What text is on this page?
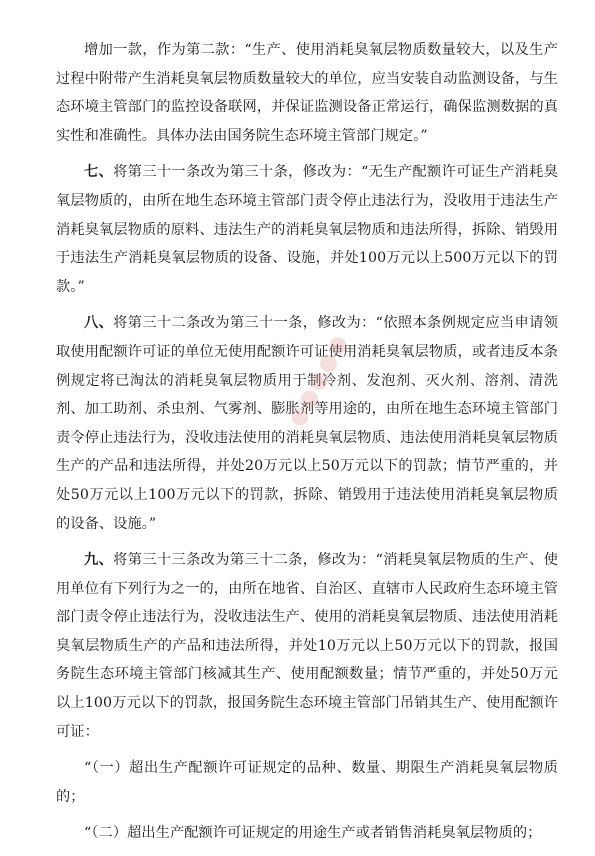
增加一款，作为第二款：“生产、使用消耗臭氧层物质数量较大，以及生产过程中附带产生消耗臭氧层物质数量较大的单位，应当安装自动监测设备，与生态环境主管部门的监控设备联网，并保证监测设备正常运行，确保监测数据的真实性和准确性。具体办法由国务院生态环境主管部门规定。”

七、将第三十一条改为第三十条，修改为：“无生产配额许可证生产消耗臭氧层物质的，由所在地生态环境主管部门责令停止违法行为，没收用于违法生产消耗臭氧层物质的原料、违法生产的消耗臭氧层物质和违法所得，拆除、销毁用于违法生产消耗臭氧层物质的设备、设施，并处100万元以上500万元以下的罚款。”

八、将第三十二条改为第三十一条，修改为：“依照本条例规定应当申请领取使用配额许可证的单位无使用配额许可证使用消耗臭氧层物质，或者违反本条例规定将已淘汰的消耗臭氧层物质用于制冷剂、发泡剂、灭火剂、溶剂、清洗剂、加工助剂、杀虫剂、气雾剂、膨胀剂等用途的，由所在地生态环境主管部门责令停止违法行为，没收违法使用的消耗臭氧层物质、违法使用消耗臭氧层物质生产的产品和违法所得，并处20万元以上50万元以下的罚款；情节严重的，并处50万元以上100万元以下的罚款，拆除、销毁用于违法使用消耗臭氧层物质的设备、设施。”

九、将第三十三条改为第三十二条，修改为：“消耗臭氧层物质的生产、使用单位有下列行为之一的，由所在地省、自治区、直辖市人民政府生态环境主管部门责令停止违法行为，没收违法生产、使用的消耗臭氧层物质、违法使用消耗臭氧层物质生产的产品和违法所得，并处10万元以上50万元以下的罚款，报国务院生态环境主管部门核减其生产、使用配额数量；情节严重的，并处50万元以上100万元以下的罚款，报国务院生态环境主管部门吊销其生产、使用配额许可证：

“（一）超出生产配额许可证规定的品种、数量、期限生产消耗臭氧层物质的；

“（二）超出生产配额许可证规定的用途生产或者销售消耗臭氧层物质的；

●●●●●
